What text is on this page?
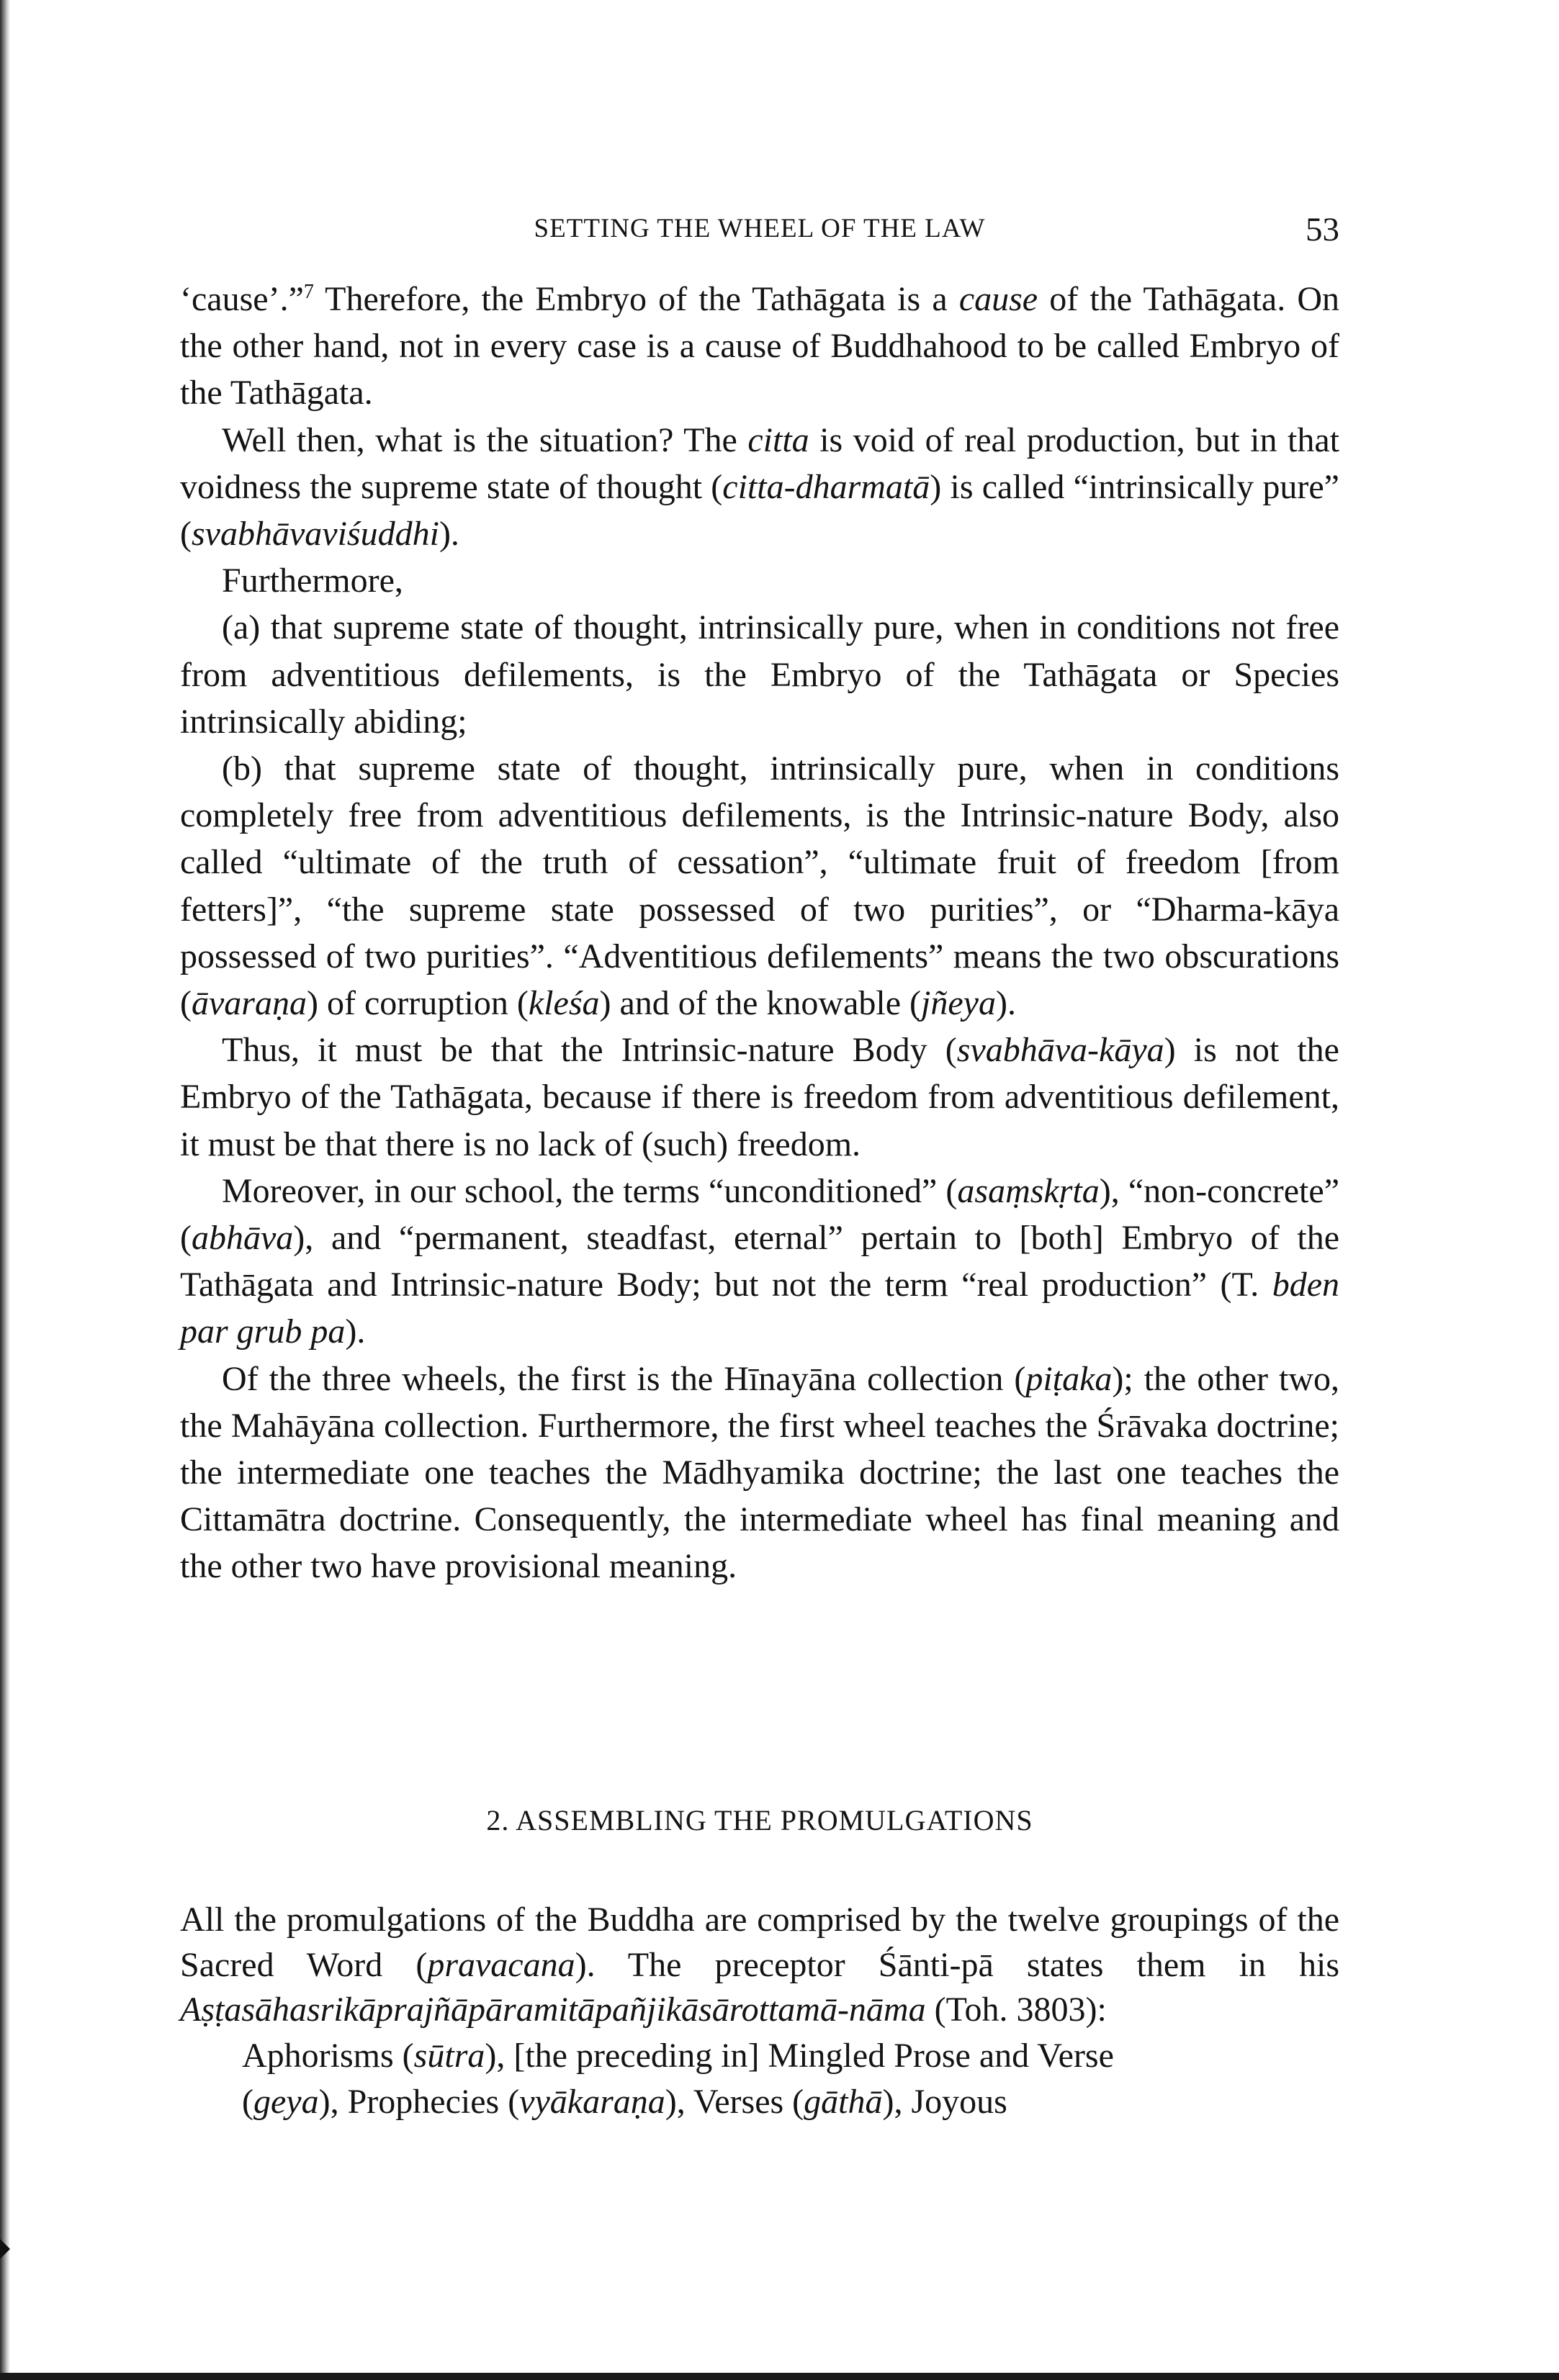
SETTING THE WHEEL OF THE LAW	53

‘cause’.”$^7$ Therefore, the Embryo of the Tathāgata is a cause of the Tathāgata. On the other hand, not in every case is a cause of Buddhahood to be called Embryo of the Tathāgata.

Well then, what is the situation? The citta is void of real production, but in that voidness the supreme state of thought (citta-dharmatā) is called “intrinsically pure” (svabhāvaviśuddhi).

Furthermore,

(a) that supreme state of thought, intrinsically pure, when in conditions not free from adventitious defilements, is the Embryo of the Tathāgata or Species intrinsically abiding;

(b) that supreme state of thought, intrinsically pure, when in conditions completely free from adventitious defilements, is the Intrinsic-nature Body, also called “ultimate of the truth of cessation”, “ultimate fruit of freedom [from fetters]”, “the supreme state possessed of two purities”, or “Dharma-kāya possessed of two purities”. “Adventitious defilements” means the two obscurations (āvaraṇa) of corruption (kleśa) and of the knowable (jñeya).

Thus, it must be that the Intrinsic-nature Body (svabhāva-kāya) is not the Embryo of the Tathāgata, because if there is freedom from adventitious defilement, it must be that there is no lack of (such) freedom.

Moreover, in our school, the terms “unconditioned” (asaṃskṛta), “non-concrete” (abhāva), and “permanent, steadfast, eternal” pertain to [both] Embryo of the Tathāgata and Intrinsic-nature Body; but not the term “real production” (T. bden par grub pa).

Of the three wheels, the first is the Hīnayāna collection (piṭaka); the other two, the Mahāyāna collection. Furthermore, the first wheel teaches the Śrāvaka doctrine; the intermediate one teaches the Mādhyamika doctrine; the last one teaches the Cittamātra doctrine. Consequently, the intermediate wheel has final meaning and the other two have provisional meaning.

2. ASSEMBLING THE PROMULGATIONS

All the promulgations of the Buddha are comprised by the twelve groupings of the Sacred Word (pravacana). The preceptor Śānti-pā states them in his Aṣṭasāhasrikāprajñāpāramitāpañjikāsārottamā-nāma (Toh. 3803):

Aphorisms (sūtra), [the preceding in] Mingled Prose and Verse
(geya), Prophecies (vyākaraṇa), Verses (gāthā), Joyous
